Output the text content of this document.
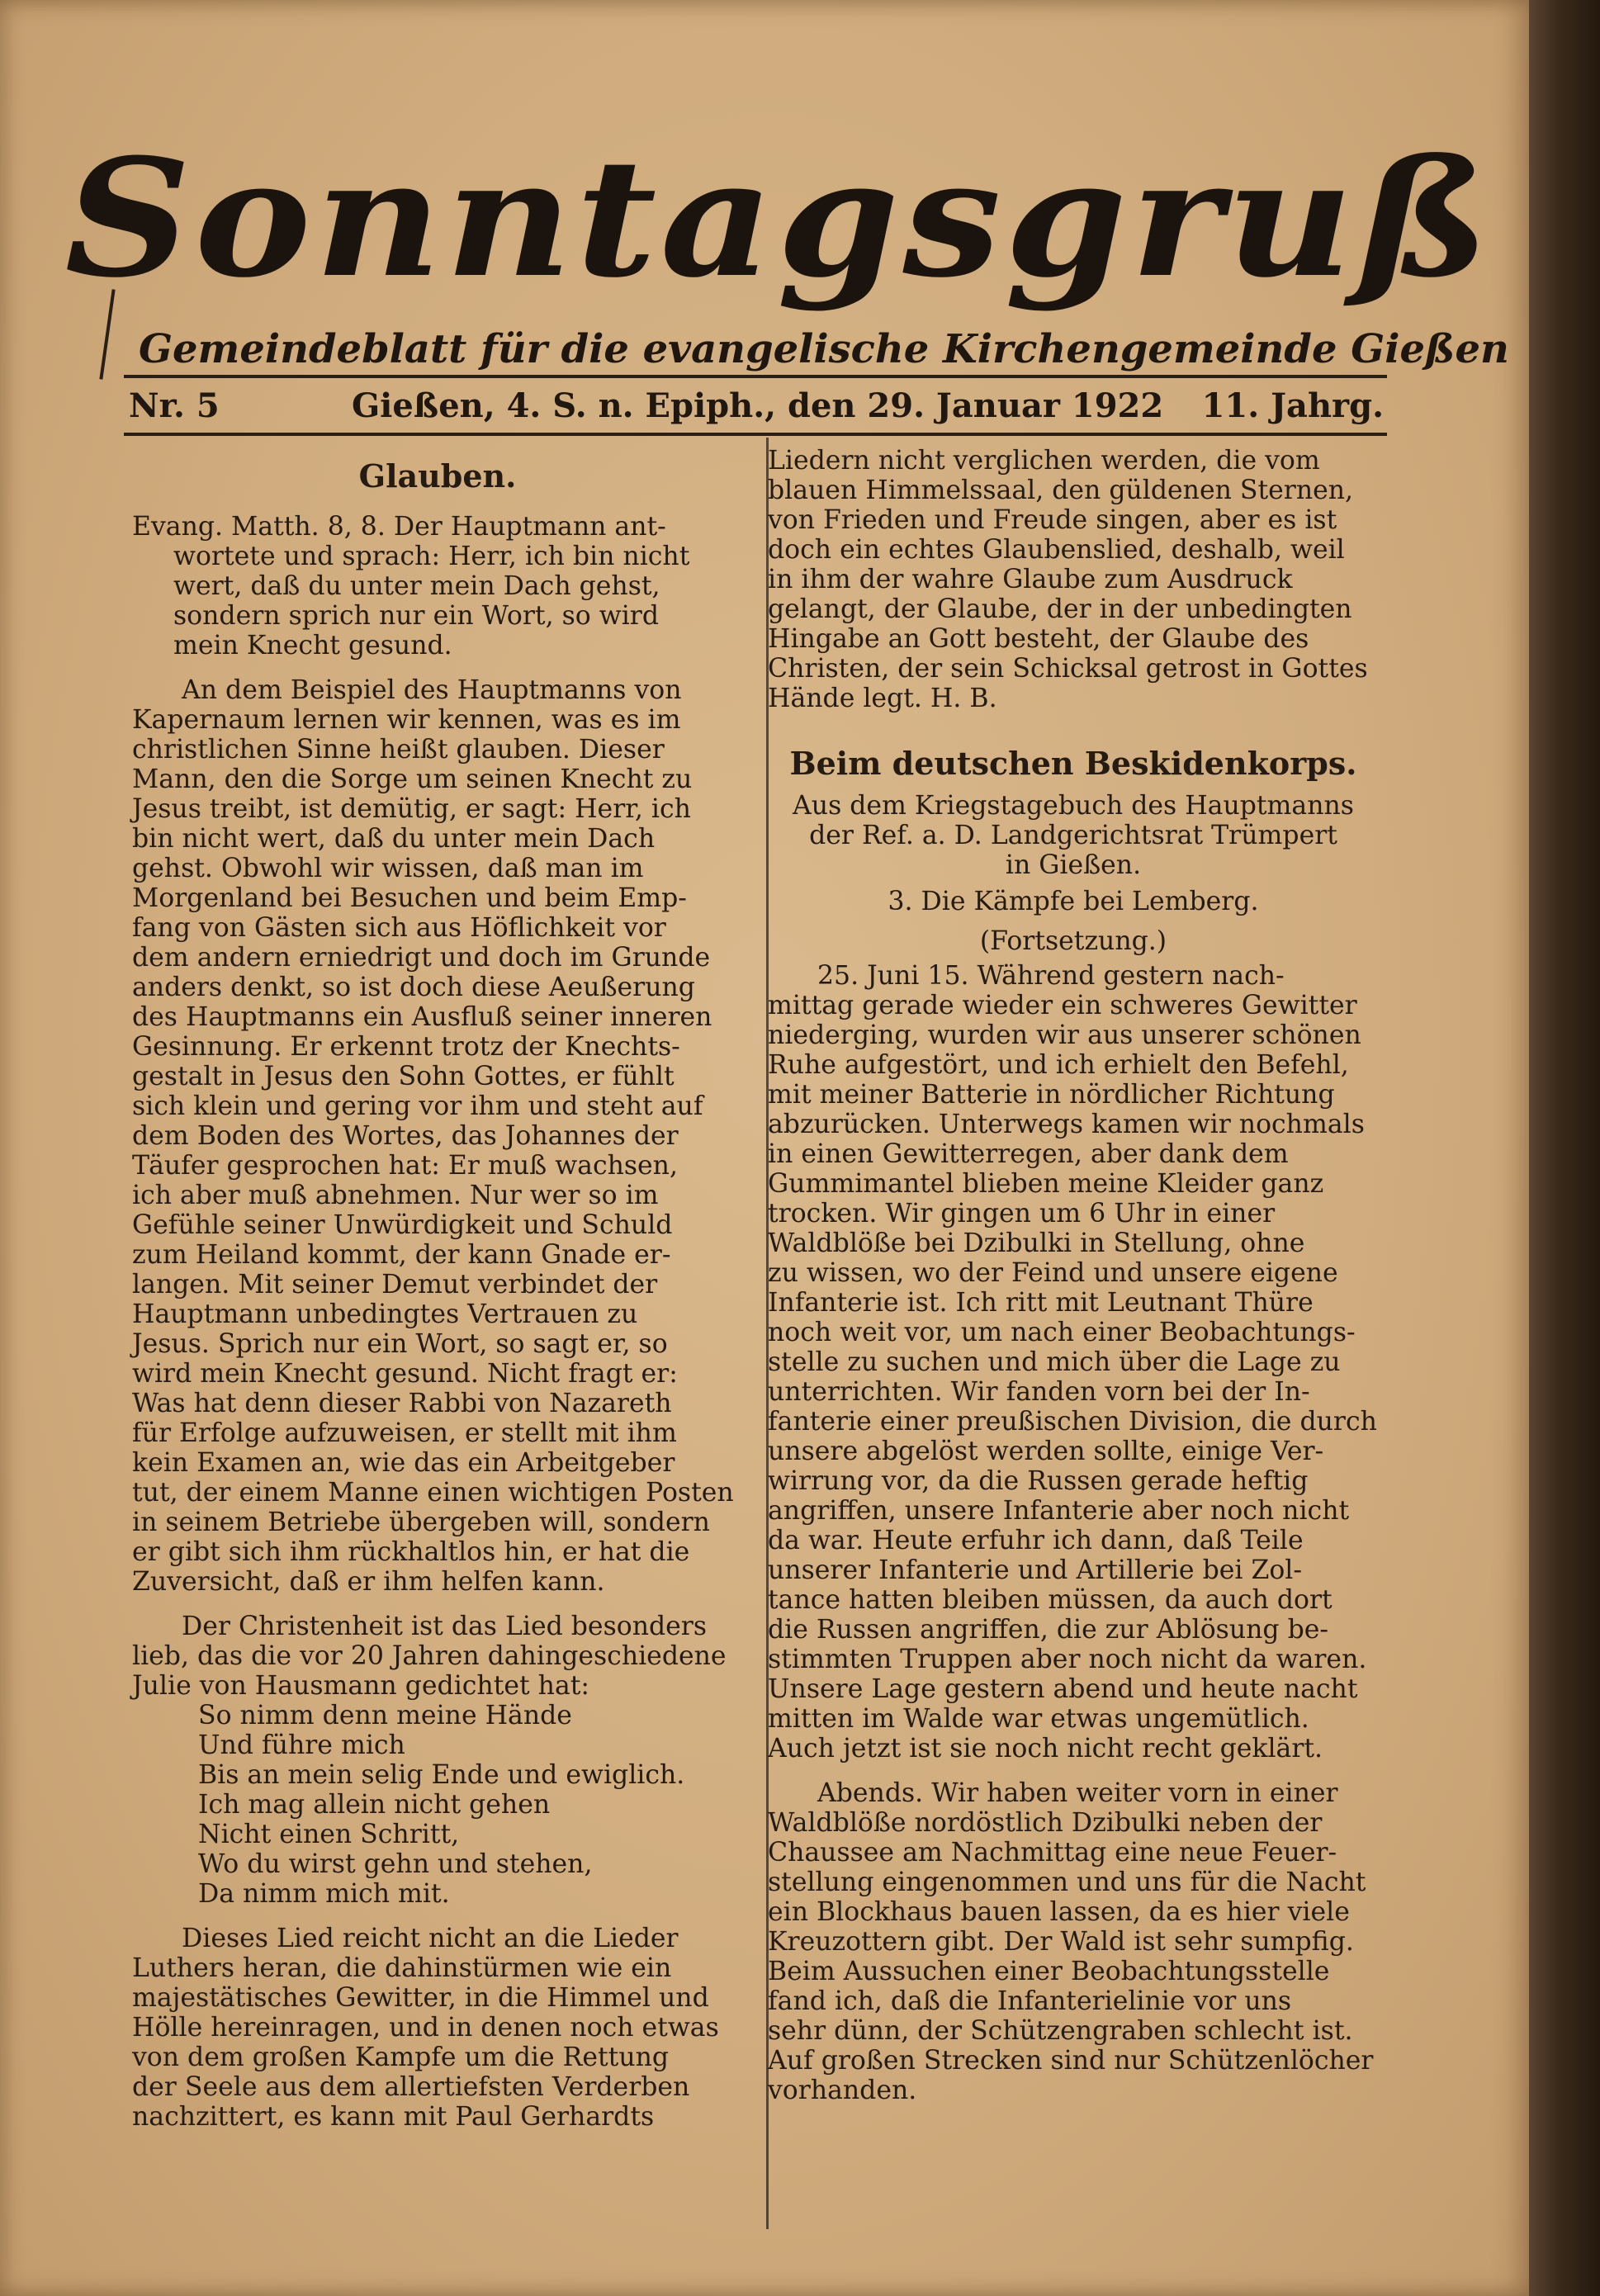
Sonntagsgruß
Gemeindeblatt für die evangelische Kirchengemeinde Gießen
Nr. 5	Gießen, 4. S. n. Epiph., den 29. Januar 1922 11. Jahrg.
Glauben.

Evang. Matth. 8, 8. Der Hauptmann ant-

wortete und sprach: Herr, ich bin nicht

wert, daß du unter mein Dach gehst,

sondern sprich nur ein Wort, so wird

mein Knecht gesund.

An dem Beispiel des Hauptmanns von

Kapernaum lernen wir kennen, was es im

christlichen Sinne heißt glauben. Dieser

Mann, den die Sorge um seinen Knecht zu

Jesus treibt, ist demütig, er sagt: Herr, ich

bin nicht wert, daß du unter mein Dach

gehst. Obwohl wir wissen, daß man im

Morgenland bei Besuchen und beim Emp-

fang von Gästen sich aus Höflichkeit vor

dem andern erniedrigt und doch im Grunde

anders denkt, so ist doch diese Aeußerung

des Hauptmanns ein Ausfluß seiner inneren

Gesinnung. Er erkennt trotz der Knechts-

gestalt in Jesus den Sohn Gottes, er fühlt

sich klein und gering vor ihm und steht auf

dem Boden des Wortes, das Johannes der

Täufer gesprochen hat: Er muß wachsen,

ich aber muß abnehmen. Nur wer so im

Gefühle seiner Unwürdigkeit und Schuld

zum Heiland kommt, der kann Gnade er-

langen. Mit seiner Demut verbindet der

Hauptmann unbedingtes Vertrauen zu

Jesus. Sprich nur ein Wort, so sagt er, so

wird mein Knecht gesund. Nicht fragt er:

Was hat denn dieser Rabbi von Nazareth

für Erfolge aufzuweisen, er stellt mit ihm

kein Examen an, wie das ein Arbeitgeber

tut, der einem Manne einen wichtigen Posten

in seinem Betriebe übergeben will, sondern

er gibt sich ihm rückhaltlos hin, er hat die

Zuversicht, daß er ihm helfen kann.

Der Christenheit ist das Lied besonders

lieb, das die vor 20 Jahren dahingeschiedene

Julie von Hausmann gedichtet hat:

So nimm denn meine Hände

Und führe mich

Bis an mein selig Ende und ewiglich.

Ich mag allein nicht gehen

Nicht einen Schritt,

Wo du wirst gehn und stehen,

Da nimm mich mit.

Dieses Lied reicht nicht an die Lieder

Luthers heran, die dahinstürmen wie ein

majestätisches Gewitter, in die Himmel und

Hölle hereinragen, und in denen noch etwas

von dem großen Kampfe um die Rettung

der Seele aus dem allertiefsten Verderben

nachzittert, es kann mit Paul Gerhardts

Liedern nicht verglichen werden, die vom

blauen Himmelssaal, den güldenen Sternen,

von Frieden und Freude singen, aber es ist

doch ein echtes Glaubenslied, deshalb, weil

in ihm der wahre Glaube zum Ausdruck

gelangt, der Glaube, der in der unbedingten

Hingabe an Gott besteht, der Glaube des

Christen, der sein Schicksal getrost in Gottes

Hände legt. H. B.

Beim deutschen Beskidenkorps.

Aus dem Kriegstagebuch des Hauptmanns

der Ref. a. D. Landgerichtsrat Trümpert

in Gießen.

3. Die Kämpfe bei Lemberg.
(Fortsetzung.)

25. Juni 15. Während gestern nach-

mittag gerade wieder ein schweres Gewitter

niederging, wurden wir aus unserer schönen

Ruhe aufgestört, und ich erhielt den Befehl,

mit meiner Batterie in nördlicher Richtung

abzurücken. Unterwegs kamen wir nochmals

in einen Gewitterregen, aber dank dem

Gummimantel blieben meine Kleider ganz

trocken. Wir gingen um 6 Uhr in einer

Waldblöße bei Dzibulki in Stellung, ohne

zu wissen, wo der Feind und unsere eigene

Infanterie ist. Ich ritt mit Leutnant Thüre

noch weit vor, um nach einer Beobachtungs-

stelle zu suchen und mich über die Lage zu

unterrichten. Wir fanden vorn bei der In-

fanterie einer preußischen Division, die durch

unsere abgelöst werden sollte, einige Ver-

wirrung vor, da die Russen gerade heftig

angriffen, unsere Infanterie aber noch nicht

da war. Heute erfuhr ich dann, daß Teile

unserer Infanterie und Artillerie bei Zol-

tance hatten bleiben müssen, da auch dort

die Russen angriffen, die zur Ablösung be-

stimmten Truppen aber noch nicht da waren.

Unsere Lage gestern abend und heute nacht

mitten im Walde war etwas ungemütlich.

Auch jetzt ist sie noch nicht recht geklärt.

Abends. Wir haben weiter vorn in einer

Waldblöße nordöstlich Dzibulki neben der

Chaussee am Nachmittag eine neue Feuer-

stellung eingenommen und uns für die Nacht

ein Blockhaus bauen lassen, da es hier viele

Kreuzottern gibt. Der Wald ist sehr sumpfig.

Beim Aussuchen einer Beobachtungsstelle

fand ich, daß die Infanterielinie vor uns

sehr dünn, der Schützengraben schlecht ist.

Auf großen Strecken sind nur Schützenlöcher

vorhanden.
